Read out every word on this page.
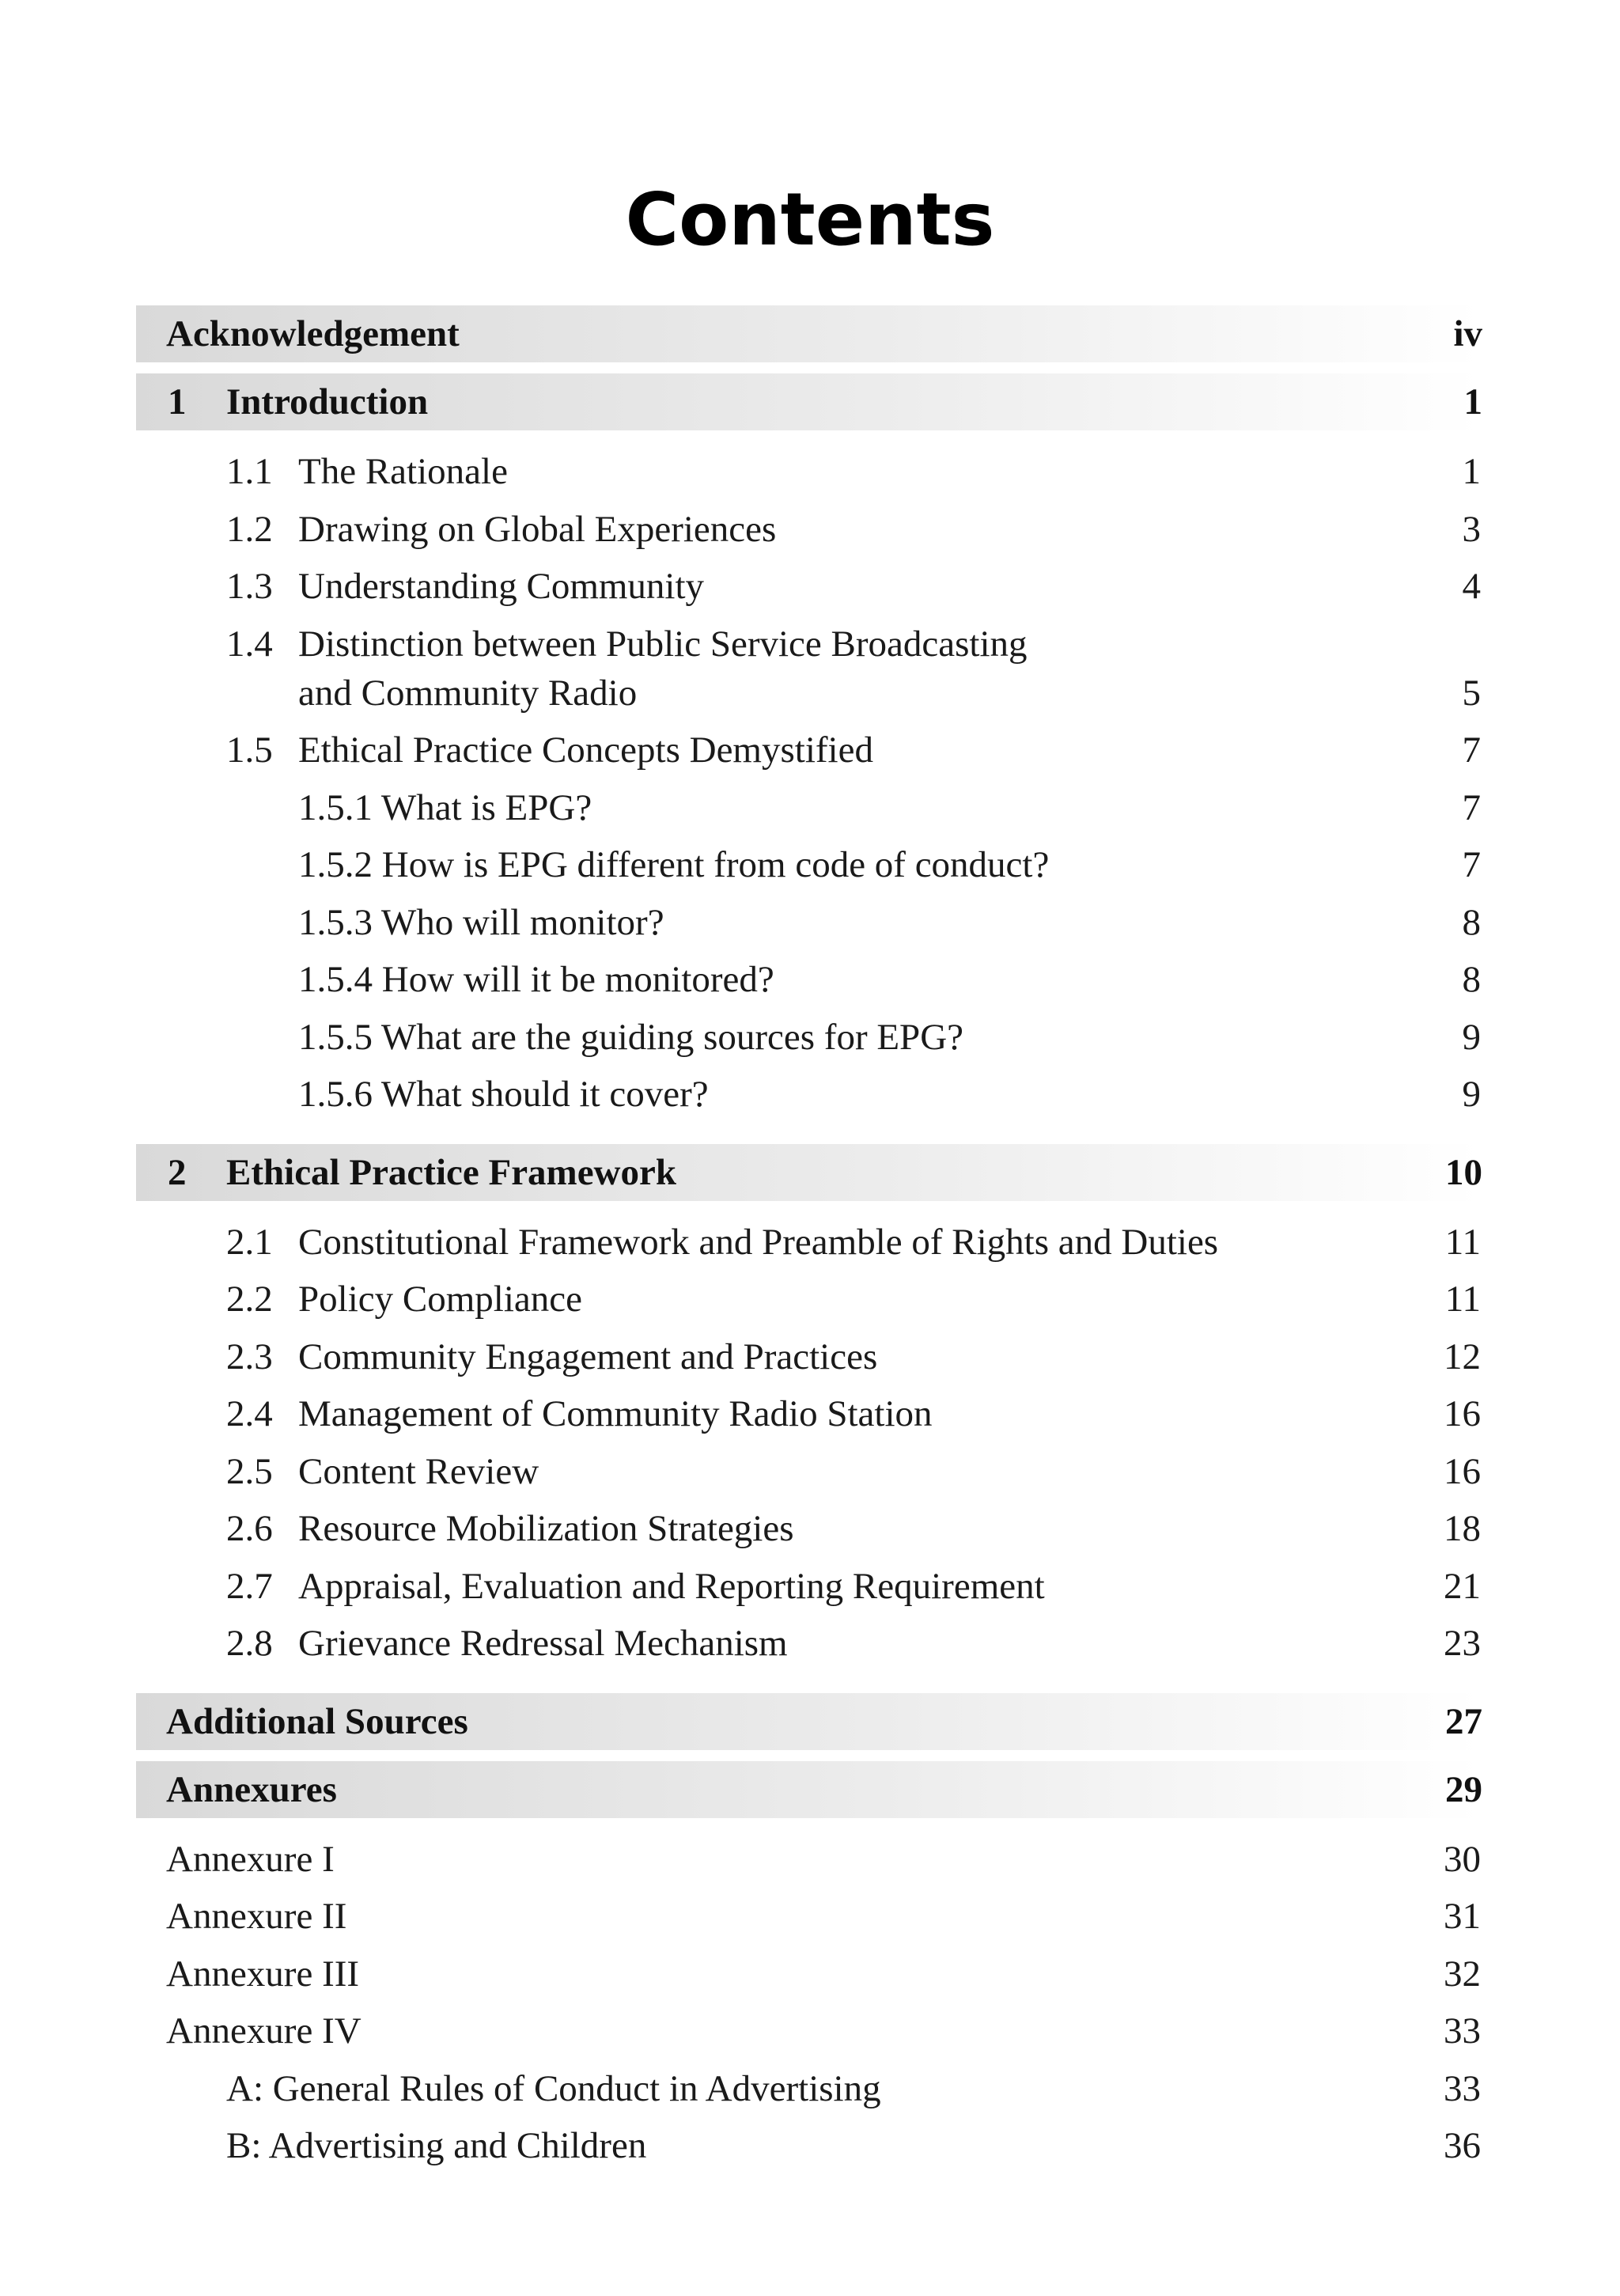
Contents
Acknowledgement	iv
1 Introduction	1
1.1 The Rationale	1
1.2 Drawing on Global Experiences	3
1.3 Understanding Community	4
1.4 Distinction between Public Service Broadcasting
and Community Radio	5
1.5 Ethical Practice Concepts Demystified	7
1.5.1 What is EPG?	7
1.5.2 How is EPG different from code of conduct?	7
1.5.3 Who will monitor?	8
1.5.4 How will it be monitored?	8
1.5.5 What are the guiding sources for EPG?	9
1.5.6 What should it cover?	9
2 Ethical Practice Framework	10
2.1 Constitutional Framework and Preamble of Rights and Duties	11
2.2 Policy Compliance	11
2.3 Community Engagement and Practices	12
2.4 Management of Community Radio Station	16
2.5 Content Review	16
2.6 Resource Mobilization Strategies	18
2.7 Appraisal, Evaluation and Reporting Requirement	21
2.8 Grievance Redressal Mechanism	23
Additional Sources	27
Annexures	29
Annexure I	30
Annexure II	31
Annexure III	32
Annexure IV	33
A: General Rules of Conduct in Advertising	33
B: Advertising and Children	36
